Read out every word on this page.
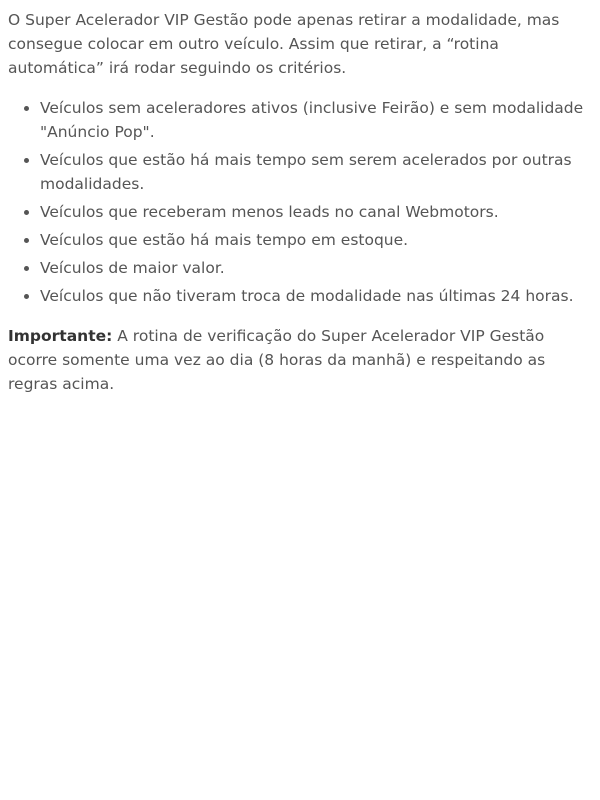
O Super Acelerador VIP Gestão pode apenas retirar a modalidade, mas consegue colocar em outro veículo. Assim que retirar, a “rotina automática” irá rodar seguindo os critérios.

• Veículos sem aceleradores ativos (inclusive Feirão) e sem modalidade "Anúncio Pop".
• Veículos que estão há mais tempo sem serem acelerados por outras modalidades.
• Veículos que receberam menos leads no canal Webmotors.
• Veículos que estão há mais tempo em estoque.
• Veículos de maior valor.
• Veículos que não tiveram troca de modalidade nas últimas 24 horas.

Importante: A rotina de verificação do Super Acelerador VIP Gestão ocorre somente uma vez ao dia (8 horas da manhã) e respeitando as regras acima.
